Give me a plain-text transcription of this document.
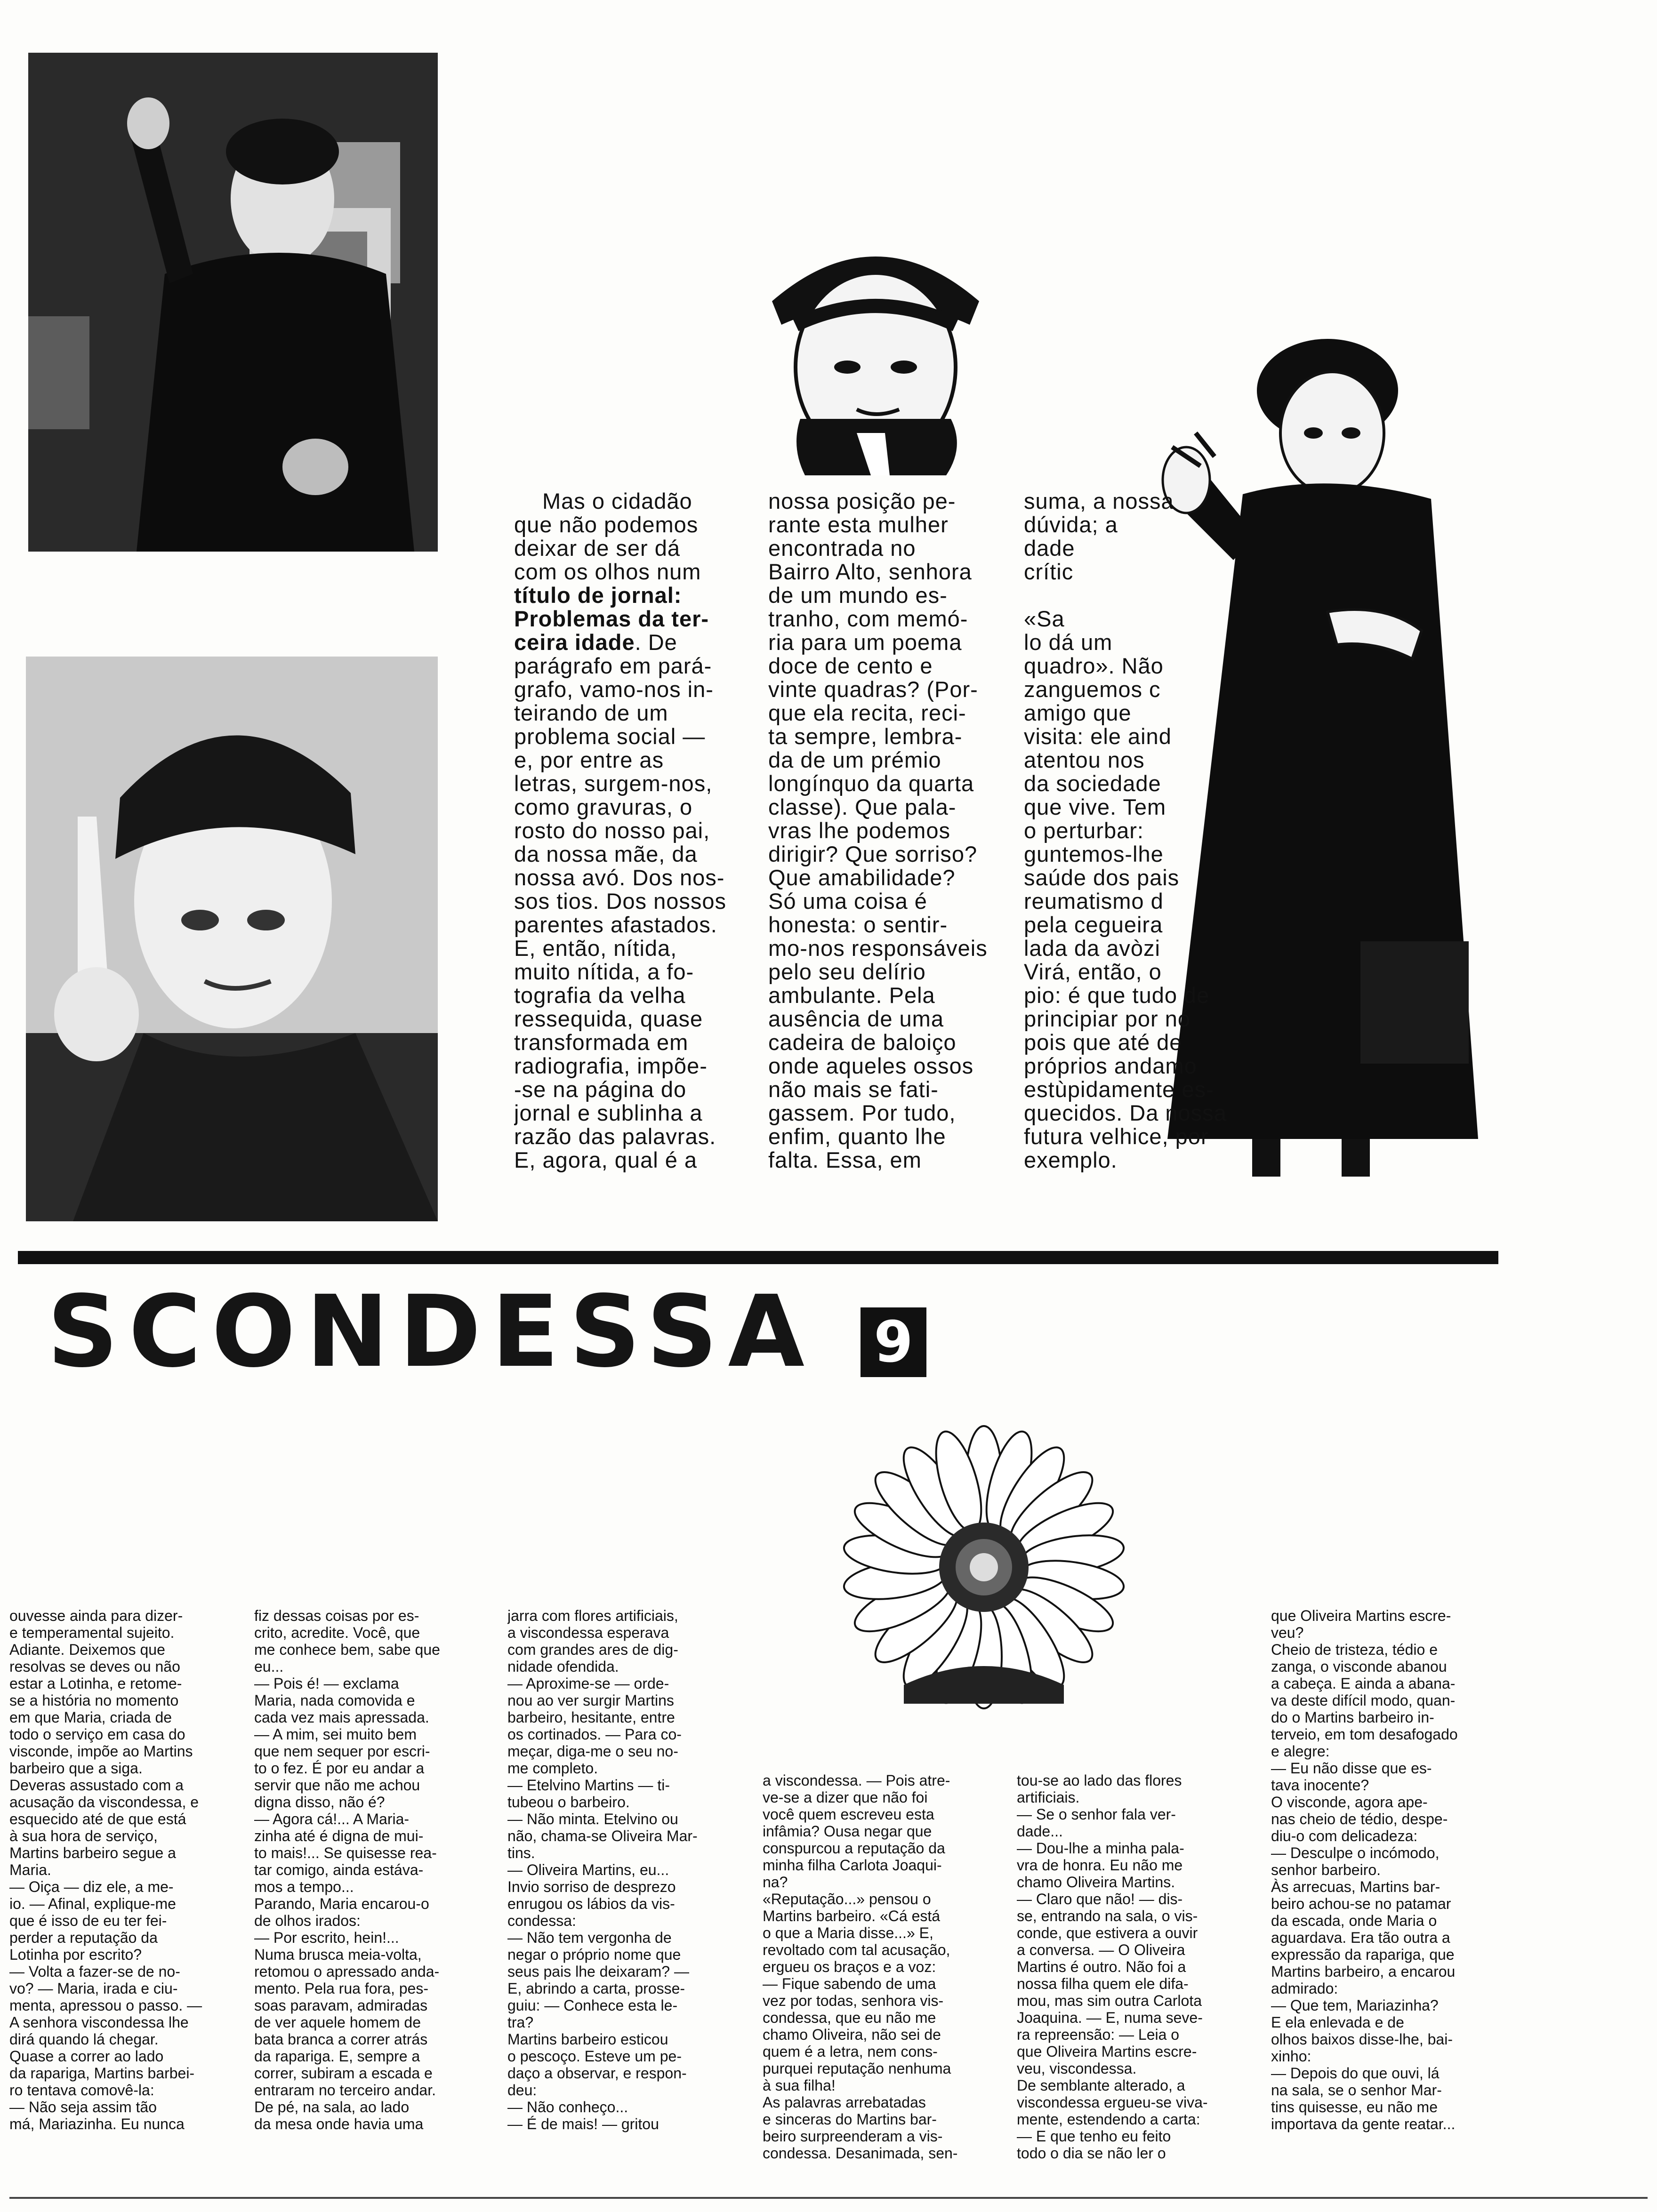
Mas o cidadão
que não podemos
deixar de ser dá
com os olhos num
título de jornal:
Problemas da ter-
ceira idade. De
parágrafo em pará-
grafo, vamo-nos in-
teirando de um
problema social —
e, por entre as
letras, surgem-nos,
como gravuras, o
rosto do nosso pai,
da nossa mãe, da
nossa avó. Dos nos-
sos tios. Dos nossos
parentes afastados.
E, então, nítida,
muito nítida, a fo-
tografia da velha
ressequida, quase
transformada em
radiografia, impõe-
-se na página do
jornal e sublinha a
razão das palavras.
E, agora, qual é a
nossa posição pe-
rante esta mulher
encontrada no
Bairro Alto, senhora
de um mundo es-
tranho, com memó-
ria para um poema
doce de cento e
vinte quadras? (Por-
que ela recita, reci-
ta sempre, lembra-
da de um prémio
longínquo da quarta
classe). Que pala-
vras lhe podemos
dirigir? Que sorriso?
Que amabilidade?
Só uma coisa é
honesta: o sentir-
mo-nos responsáveis
pelo seu delírio
ambulante. Pela
ausência de uma
cadeira de baloiço
onde aqueles ossos
não mais se fati-
gassem. Por tudo,
enfim, quanto lhe
falta. Essa, em
suma, a nossa
dúvida; a
dade
crític

«Sa
lo dá um
quadro». Não
zanguemos c
amigo que
visita: ele aind
atentou nos
da sociedade
que vive. Tem
o perturbar:
guntemos-lhe
saúde dos pais
reumatismo d
pela cegueira
lada da avòzi
Virá, então, o
pio: é que tudo de
principiar por nó
pois que até de
próprios andamo
estùpidamente es-
quecidos. Da nossa
futura velhice, por
exemplo.
SCONDESSA 9
ouvesse ainda para dizer-
e temperamental sujeito.
Adiante. Deixemos que
resolvas se deves ou não
estar a Lotinha, e retome-
se a história no momento
em que Maria, criada de
todo o serviço em casa do
visconde, impõe ao Martins
barbeiro que a siga.
Deveras assustado com a
acusação da viscondessa, e
esquecido até de que está
à sua hora de serviço,
Martins barbeiro segue a
Maria.
— Oiça — diz ele, a me-
io. — Afinal, explique-me
que é isso de eu ter fei-
perder a reputação da
Lotinha por escrito?
— Volta a fazer-se de no-
vo? — Maria, irada e ciu-
menta, apressou o passo. —
A senhora viscondessa lhe
dirá quando lá chegar.
Quase a correr ao lado
da rapariga, Martins barbei-
ro tentava comovê-la:
— Não seja assim tão
má, Mariazinha. Eu nunca
fiz dessas coisas por es-
crito, acredite. Você, que
me conhece bem, sabe que
eu...
— Pois é! — exclama
Maria, nada comovida e
cada vez mais apressada.
— A mim, sei muito bem
que nem sequer por escri-
to o fez. É por eu andar a
servir que não me achou
digna disso, não é?
— Agora cá!... A Maria-
zinha até é digna de mui-
to mais!... Se quisesse rea-
tar comigo, ainda estáva-
mos a tempo...
Parando, Maria encarou-o
de olhos irados:
— Por escrito, hein!...
Numa brusca meia-volta,
retomou o apressado anda-
mento. Pela rua fora, pes-
soas paravam, admiradas
de ver aquele homem de
bata branca a correr atrás
da rapariga. E, sempre a
correr, subiram a escada e
entraram no terceiro andar.
De pé, na sala, ao lado
da mesa onde havia uma
jarra com flores artificiais,
a viscondessa esperava
com grandes ares de dig-
nidade ofendida.
— Aproxime-se — orde-
nou ao ver surgir Martins
barbeiro, hesitante, entre
os cortinados. — Para co-
meçar, diga-me o seu no-
me completo.
— Etelvino Martins — ti-
tubeou o barbeiro.
— Não minta. Etelvino ou
não, chama-se Oliveira Mar-
tins.
— Oliveira Martins, eu...
Invio sorriso de desprezo
enrugou os lábios da vis-
condessa:
— Não tem vergonha de
negar o próprio nome que
seus pais lhe deixaram? —
E, abrindo a carta, prosse-
guiu: — Conhece esta le-
tra?
Martins barbeiro esticou
o pescoço. Esteve um pe-
daço a observar, e respon-
deu:
— Não conheço...
— É de mais! — gritou
a viscondessa. — Pois atre-
ve-se a dizer que não foi
você quem escreveu esta
infâmia? Ousa negar que
conspurcou a reputação da
minha filha Carlota Joaqui-
na?
«Reputação...» pensou o
Martins barbeiro. «Cá está
o que a Maria disse...» E,
revoltado com tal acusação,
ergueu os braços e a voz:
— Fique sabendo de uma
vez por todas, senhora vis-
condessa, que eu não me
chamo Oliveira, não sei de
quem é a letra, nem cons-
purquei reputação nenhuma
à sua filha!
As palavras arrebatadas
e sinceras do Martins bar-
beiro surpreenderam a vis-
condessa. Desanimada, sen-
tou-se ao lado das flores
artificiais.
— Se o senhor fala ver-
dade...
— Dou-lhe a minha pala-
vra de honra. Eu não me
chamo Oliveira Martins.
— Claro que não! — dis-
se, entrando na sala, o vis-
conde, que estivera a ouvir
a conversa. — O Oliveira
Martins é outro. Não foi a
nossa filha quem ele difa-
mou, mas sim outra Carlota
Joaquina. — E, numa seve-
ra repreensão: — Leia o
que Oliveira Martins escre-
veu, viscondessa.
De semblante alterado, a
viscondessa ergueu-se viva-
mente, estendendo a carta:
— E que tenho eu feito
todo o dia se não ler o
que Oliveira Martins escre-
veu?
Cheio de tristeza, tédio e
zanga, o visconde abanou
a cabeça. E ainda a abana-
va deste difícil modo, quan-
do o Martins barbeiro in-
terveio, em tom desafogado
e alegre:
— Eu não disse que es-
tava inocente?
O visconde, agora ape-
nas cheio de tédio, despe-
diu-o com delicadeza:
— Desculpe o incómodo,
senhor barbeiro.
Às arrecuas, Martins bar-
beiro achou-se no patamar
da escada, onde Maria o
aguardava. Era tão outra a
expressão da rapariga, que
Martins barbeiro, a encarou
admirado:
— Que tem, Mariazinha?
E ela enlevada e de
olhos baixos disse-lhe, bai-
xinho:
— Depois do que ouvi, lá
na sala, se o senhor Mar-
tins quisesse, eu não me
importava da gente reatar...
